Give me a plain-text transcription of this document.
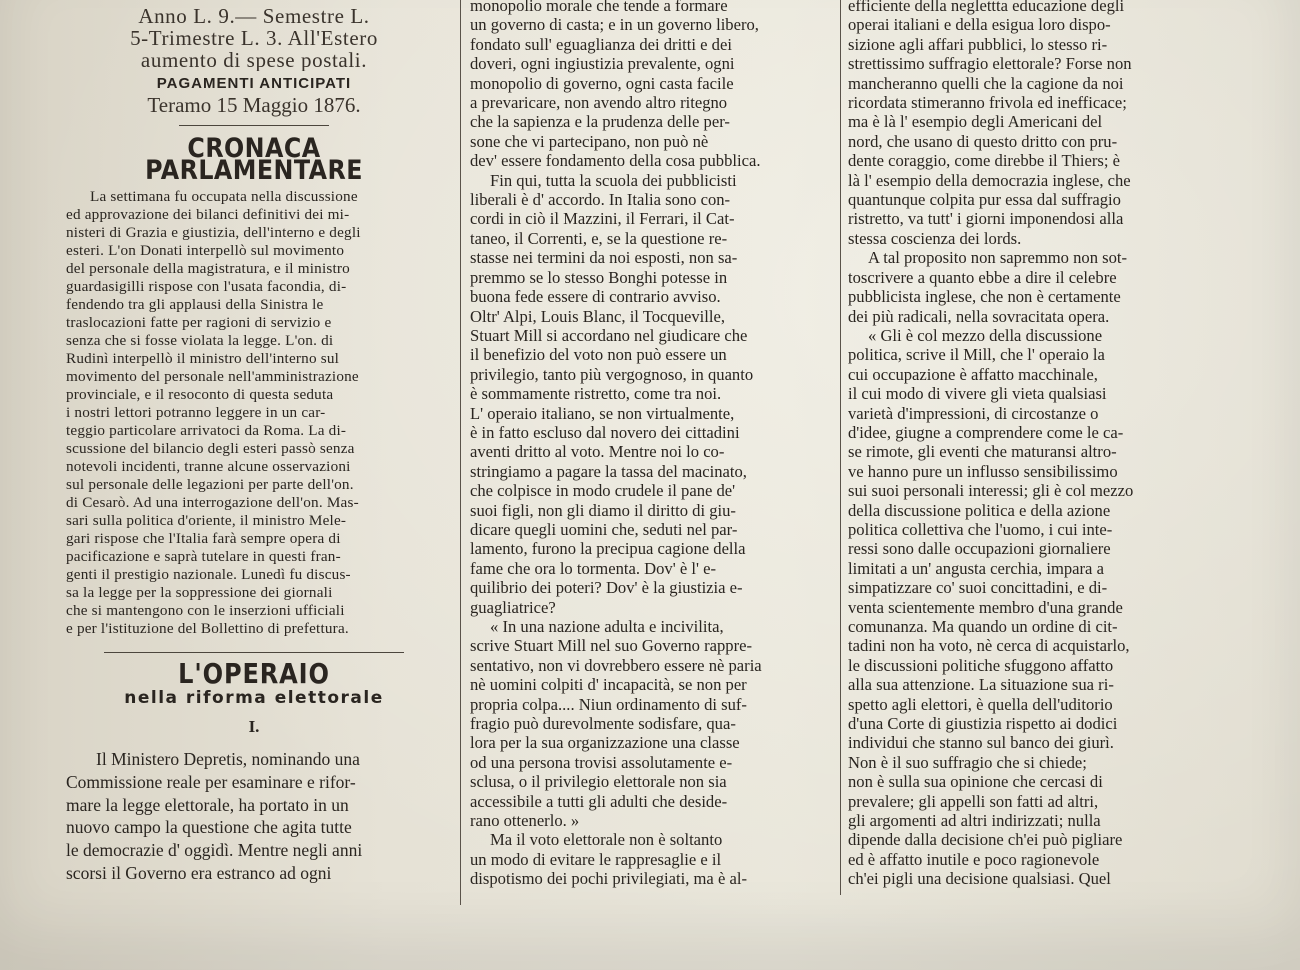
Anno L. 9.— Semestre L.
5-Trimestre L. 3. All'Estero
aumento di spese postali.
PAGAMENTI ANTICIPATI
Teramo 15 Maggio 1876.
CRONACA PARLAMENTARE
La settimana fu occupata nella discussione
ed approvazione dei bilanci definitivi dei mi-
nisteri di Grazia e giustizia, dell'interno e degli
esteri. L'on Donati interpellò sul movimento
del personale della magistratura, e il ministro
guardasigilli rispose con l'usata facondia, di-
fendendo tra gli applausi della Sinistra le
traslocazioni fatte per ragioni di servizio e
senza che si fosse violata la legge. L'on. di
Rudinì interpellò il ministro dell'interno sul
movimento del personale nell'amministrazione
provinciale, e il resoconto di questa seduta
i nostri lettori potranno leggere in un car-
teggio particolare arrivatoci da Roma. La di-
scussione del bilancio degli esteri passò senza
notevoli incidenti, tranne alcune osservazioni
sul personale delle legazioni per parte dell'on.
di Cesarò. Ad una interrogazione dell'on. Mas-
sari sulla politica d'oriente, il ministro Mele-
gari rispose che l'Italia farà sempre opera di
pacificazione e saprà tutelare in questi fran-
genti il prestigio nazionale. Lunedì fu discus-
sa la legge per la soppressione dei giornali
che si mantengono con le inserzioni ufficiali
e per l'istituzione del Bollettino di prefettura.
L'OPERAIO
nella riforma elettorale
I.
Il Ministero Depretis, nominando una
Commissione reale per esaminare e rifor-
mare la legge elettorale, ha portato in un
nuovo campo la questione che agita tutte
le democrazie d' oggidì. Mentre negli anni
scorsi il Governo era estranco ad ogni
monopolio morale che tende a formare
un governo di casta; e in un governo libero,
fondato sull' eguaglianza dei dritti e dei
doveri, ogni ingiustizia prevalente, ogni
monopolio di governo, ogni casta facile
a prevaricare, non avendo altro ritegno
che la sapienza e la prudenza delle per-
sone che vi partecipano, non può nè
dev' essere fondamento della cosa pubblica.
Fin qui, tutta la scuola dei pubblicisti
liberali è d' accordo. In Italia sono con-
cordi in ciò il Mazzini, il Ferrari, il Cat-
taneo, il Correnti, e, se la questione re-
stasse nei termini da noi esposti, non sa-
premmo se lo stesso Bonghi potesse in
buona fede essere di contrario avviso.
Oltr' Alpi, Louis Blanc, il Tocqueville,
Stuart Mill si accordano nel giudicare che
il benefizio del voto non può essere un
privilegio, tanto più vergognoso, in quanto
è sommamente ristretto, come tra noi.
L' operaio italiano, se non virtualmente,
è in fatto escluso dal novero dei cittadini
aventi dritto al voto. Mentre noi lo co-
stringiamo a pagare la tassa del macinato,
che colpisce in modo crudele il pane de'
suoi figli, non gli diamo il diritto di giu-
dicare quegli uomini che, seduti nel par-
lamento, furono la precipua cagione della
fame che ora lo tormenta. Dov' è l' e-
quilibrio dei poteri? Dov' è la giustizia e-
guagliatrice?
« In una nazione adulta e incivilita,
scrive Stuart Mill nel suo Governo rappre-
sentativo, non vi dovrebbero essere nè paria
nè uomini colpiti d' incapacità, se non per
propria colpa.... Niun ordinamento di suf-
fragio può durevolmente sodisfare, qua-
lora per la sua organizzazione una classe
od una persona trovisi assolutamente e-
sclusa, o il privilegio elettorale non sia
accessibile a tutti gli adulti che deside-
rano ottenerlo. »
Ma il voto elettorale non è soltanto
un modo di evitare le rappresaglie e il
dispotismo dei pochi privilegiati, ma è al-
efficiente della neglettta educazione degli
operai italiani e della esigua loro dispo-
sizione agli affari pubblici, lo stesso ri-
strettissimo suffragio elettorale? Forse non
mancheranno quelli che la cagione da noi
ricordata stimeranno frivola ed inefficace;
ma è là l' esempio degli Americani del
nord, che usano di questo dritto con pru-
dente coraggio, come direbbe il Thiers; è
là l' esempio della democrazia inglese, che
quantunque colpita pur essa dal suffragio
ristretto, va tutt' i giorni imponendosi alla
stessa coscienza dei lords.
A tal proposito non sapremmo non sot-
toscrivere a quanto ebbe a dire il celebre
pubblicista inglese, che non è certamente
dei più radicali, nella sovracitata opera.
« Gli è col mezzo della discussione
politica, scrive il Mill, che l' operaio la
cui occupazione è affatto macchinale,
il cui modo di vivere gli vieta qualsiasi
varietà d'impressioni, di circostanze o
d'idee, giugne a comprendere come le ca-
se rimote, gli eventi che maturansi altro-
ve hanno pure un influsso sensibilissimo
sui suoi personali interessi; gli è col mezzo
della discussione politica e della azione
politica collettiva che l'uomo, i cui inte-
ressi sono dalle occupazioni giornaliere
limitati a un' angusta cerchia, impara a
simpatizzare co' suoi concittadini, e di-
venta scientemente membro d'una grande
comunanza. Ma quando un ordine di cit-
tadini non ha voto, nè cerca di acquistarlo,
le discussioni politiche sfuggono affatto
alla sua attenzione. La situazione sua ri-
spetto agli elettori, è quella dell'uditorio
d'una Corte di giustizia rispetto ai dodici
individui che stanno sul banco dei giurì.
Non è il suo suffragio che si chiede;
non è sulla sua opinione che cercasi di
prevalere; gli appelli son fatti ad altri,
gli argomenti ad altri indirizzati; nulla
dipende dalla decisione ch'ei può pigliare
ed è affatto inutile e poco ragionevole
ch'ei pigli una decisione qualsiasi. Quel
